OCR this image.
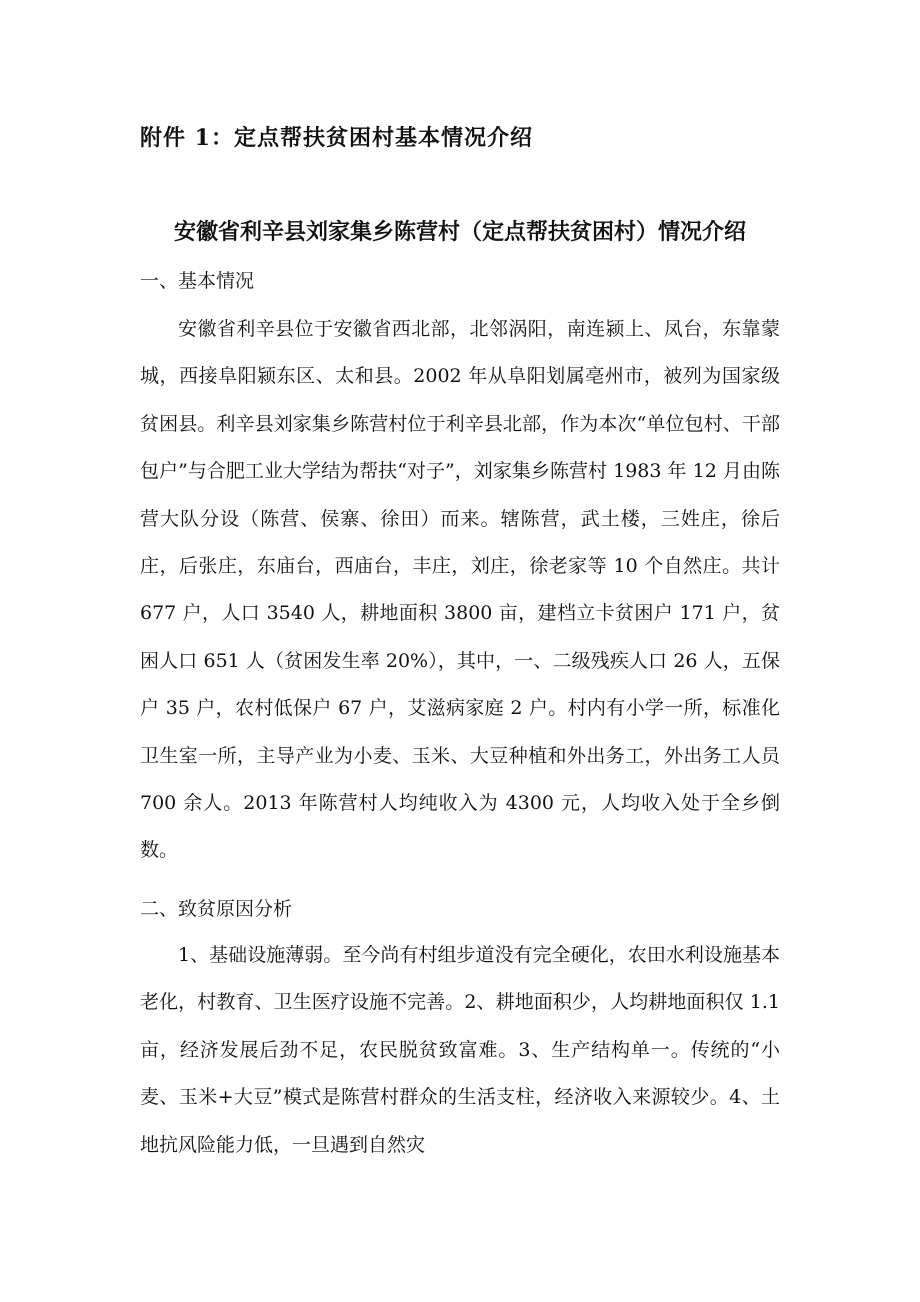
附件 1：定点帮扶贫困村基本情况介绍
安徽省利辛县刘家集乡陈营村（定点帮扶贫困村）情况介绍
一、基本情况
安徽省利辛县位于安徽省西北部，北邻涡阳，南连颍上、凤台，东靠蒙城，西接阜阳颍东区、太和县。2002 年从阜阳划属亳州市，被列为国家级贫困县。利辛县刘家集乡陈营村位于利辛县北部，作为本次“单位包村、干部包户”与合肥工业大学结为帮扶“对子”，刘家集乡陈营村 1983 年 12 月由陈营大队分设（陈营、侯寨、徐田）而来。辖陈营，武土楼，三姓庄，徐后庄，后张庄，东庙台，西庙台，丰庄，刘庄，徐老家等 10 个自然庄。共计 677 户，人口 3540 人，耕地面积 3800 亩，建档立卡贫困户 171 户，贫困人口 651 人（贫困发生率 20%），其中，一、二级残疾人口 26 人，五保户 35 户，农村低保户 67 户，艾滋病家庭 2 户。村内有小学一所，标准化卫生室一所，主导产业为小麦、玉米、大豆种植和外出务工，外出务工人员 700 余人。2013 年陈营村人均纯收入为 4300 元，人均收入处于全乡倒数。
二、致贫原因分析
1、基础设施薄弱。至今尚有村组步道没有完全硬化，农田水利设施基本老化，村教育、卫生医疗设施不完善。2、耕地面积少，人均耕地面积仅 1.1 亩，经济发展后劲不足，农民脱贫致富难。3、生产结构单一。传统的“小麦、玉米+大豆”模式是陈营村群众的生活支柱，经济收入来源较少。4、土地抗风险能力低，一旦遇到自然灾
